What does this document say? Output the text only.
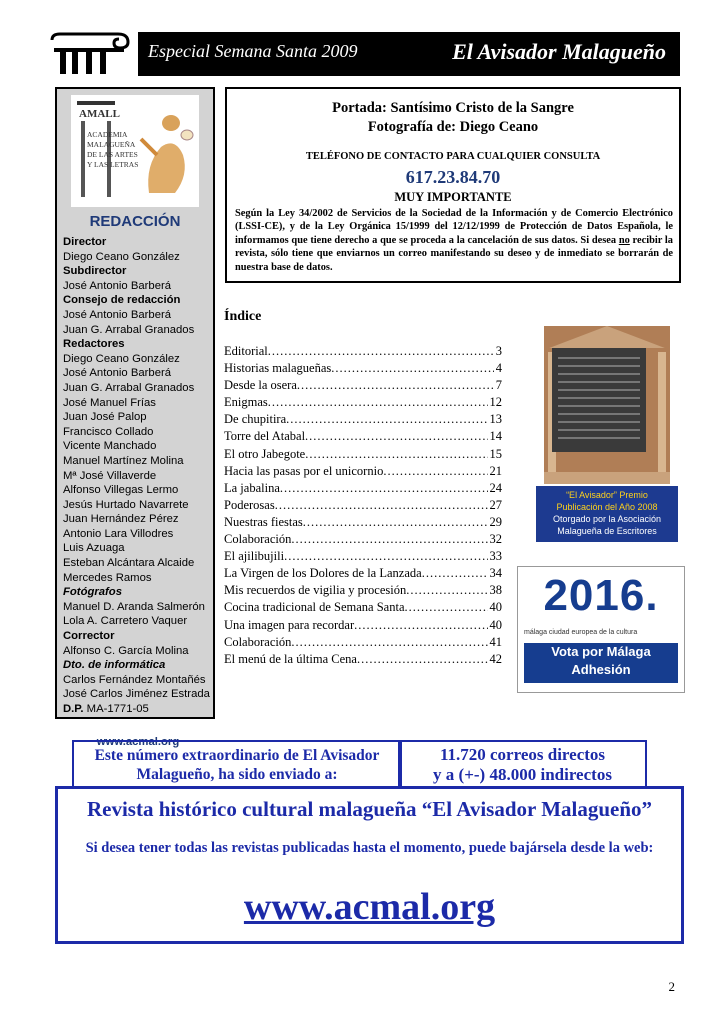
Especial Semana Santa 2009	El Avisador Malagueño
AMALL
ACADEMIA
MALAGUEÑA
DE LAS ARTES
Y LAS LETRAS
REDACCIÓN
Director
Diego Ceano González
Subdirector
José Antonio Barberá
Consejo de redacción
José Antonio Barberá
Juan G. Arrabal Granados
Redactores
Diego Ceano González
José Antonio Barberá
Juan G. Arrabal Granados
José Manuel Frías
Juan José Palop
Francisco Collado
Vicente Manchado
Manuel Martínez Molina
Mª José Villaverde
Alfonso Villegas Lermo
Jesús Hurtado Navarrete
Juan Hernández Pérez
Antonio Lara Villodres
Luis Azuaga
Esteban Alcántara Alcaide
Mercedes Ramos
Fotógrafos
Manuel D. Aranda Salmerón
Lola A. Carretero Vaquer
Corrector
Alfonso C. García Molina
Dto. de informática
Carlos Fernández Montañés
José Carlos Jiménez Estrada
D.P. MA-1771-05
elavisador@acmal.org
www.acmal.org
Portada: Santísimo Cristo de la Sangre
Fotografía de: Diego Ceano
TELÉFONO DE CONTACTO PARA CUALQUIER CONSULTA
617.23.84.70
MUY IMPORTANTE
Según la Ley 34/2002 de Servicios de la Sociedad de la Información y de Comercio Electrónico (LSSI-CE), y de la Ley Orgánica 15/1999 del 12/12/1999 de Protección de Datos Española, le informamos que tiene derecho a que se proceda a la cancelación de sus datos. Si desea no recibir la revista, sólo tiene que enviarnos un correo manifestando su deseo y de inmediato se borrarán de nuestra base de datos.
Índice
Editorial .....	3
Historias malagueñas .....	4
Desde la osera .....	7
Enigmas .....	12
De chupitira .....	13
Torre del Atabal .....	14
El otro Jabegote .....	15
Hacia las pasas por el unicornio .....	21
La jabalina .....	24
Poderosas .....	27
Nuestras fiestas .....	29
Colaboración .....	32
El ajilibujili .....	33
La Virgen de los Dolores de la Lanzada .....	34
Mis recuerdos de vigilia y procesión .....	38
Cocina tradicional de Semana Santa .....	40
Una imagen para recordar .....	40
Colaboración .....	41
El menú de la última Cena .....	42
“El Avisador” Premio
Publicación del Año 2008
Otorgado por la Asociación
Malagueña de Escritores
2016.
málaga ciudad europea de la cultura
Vota por Málaga
Adhesión
Este número extraordinario de El Avisador Malagueño, ha sido enviado a:
11.720 correos directos
y a (+-) 48.000 indirectos
Revista histórico cultural malagueña “El Avisador Malagueño”
Si desea tener todas las revistas publicadas hasta el momento, puede bajársela desde la web:
www.acmal.org
2
